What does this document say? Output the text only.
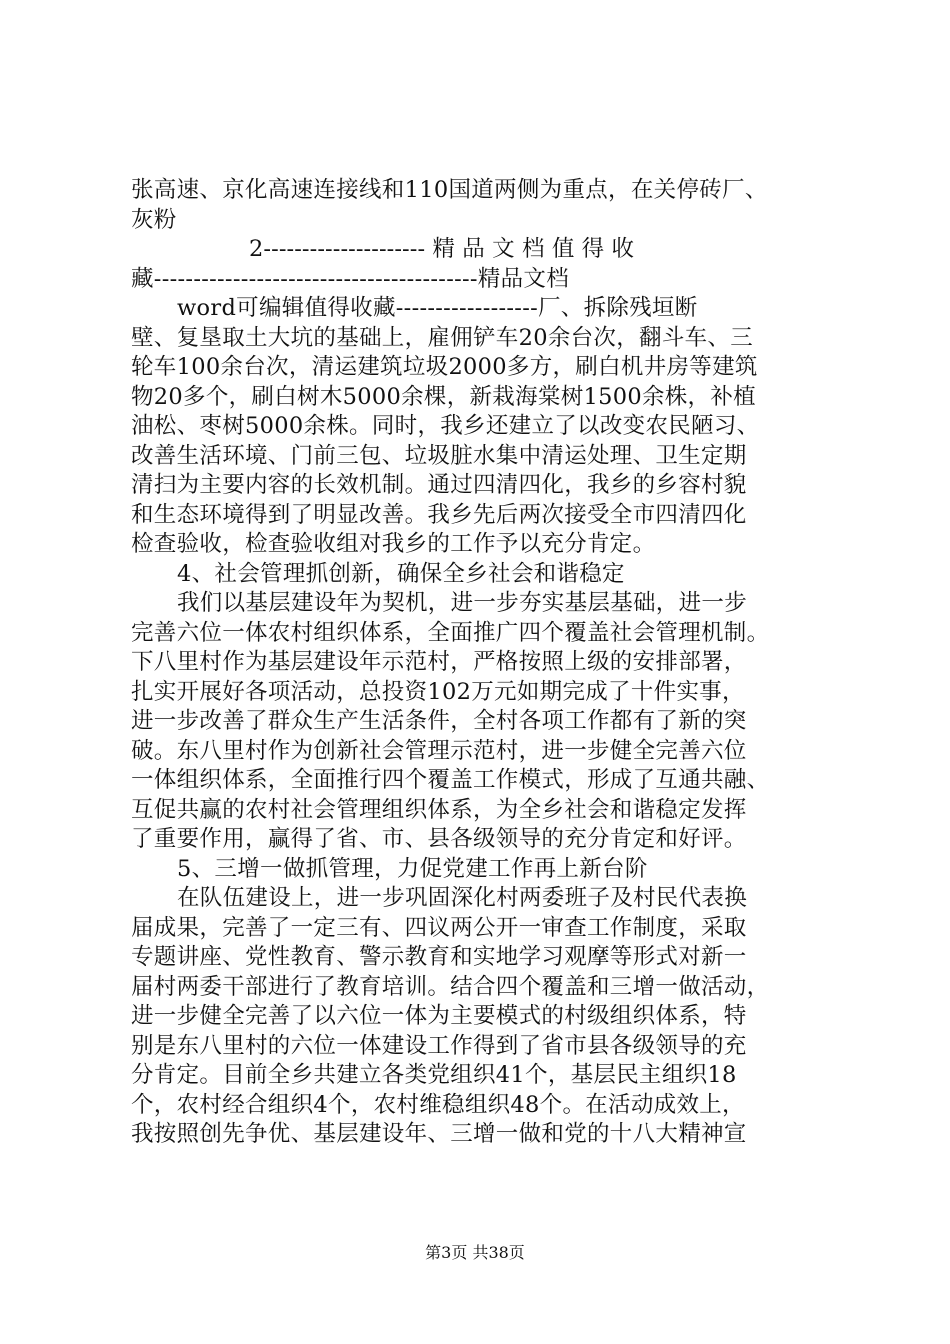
张高速、京化高速连接线和110国道两侧为重点，在关停砖厂、
灰粉
2--------------------- 精 品 文 档 值 得 收
藏-----------------------------------------精品文档
word可编辑值得收藏------------------厂、拆除残垣断
壁、复垦取土大坑的基础上，雇佣铲车20余台次，翻斗车、三
轮车100余台次，清运建筑垃圾2000多方，刷白机井房等建筑
物20多个，刷白树木5000余棵，新栽海棠树1500余株，补植
油松、枣树5000余株。同时，我乡还建立了以改变农民陋习、
改善生活环境、门前三包、垃圾脏水集中清运处理、卫生定期
清扫为主要内容的长效机制。通过四清四化，我乡的乡容村貌
和生态环境得到了明显改善。我乡先后两次接受全市四清四化
检查验收，检查验收组对我乡的工作予以充分肯定。
4、社会管理抓创新，确保全乡社会和谐稳定
我们以基层建设年为契机，进一步夯实基层基础，进一步
完善六位一体农村组织体系，全面推广四个覆盖社会管理机制。
下八里村作为基层建设年示范村，严格按照上级的安排部署，
扎实开展好各项活动，总投资102万元如期完成了十件实事，
进一步改善了群众生产生活条件，全村各项工作都有了新的突
破。东八里村作为创新社会管理示范村，进一步健全完善六位
一体组织体系，全面推行四个覆盖工作模式，形成了互通共融、
互促共赢的农村社会管理组织体系，为全乡社会和谐稳定发挥
了重要作用，赢得了省、市、县各级领导的充分肯定和好评。
5、三增一做抓管理，力促党建工作再上新台阶
在队伍建设上，进一步巩固深化村两委班子及村民代表换
届成果，完善了一定三有、四议两公开一审查工作制度，采取
专题讲座、党性教育、警示教育和实地学习观摩等形式对新一
届村两委干部进行了教育培训。结合四个覆盖和三增一做活动，
进一步健全完善了以六位一体为主要模式的村级组织体系，特
别是东八里村的六位一体建设工作得到了省市县各级领导的充
分肯定。目前全乡共建立各类党组织41个，基层民主组织18
个，农村经合组织4个，农村维稳组织48个。在活动成效上，
我按照创先争优、基层建设年、三增一做和党的十八大精神宣
第3页 共38页
